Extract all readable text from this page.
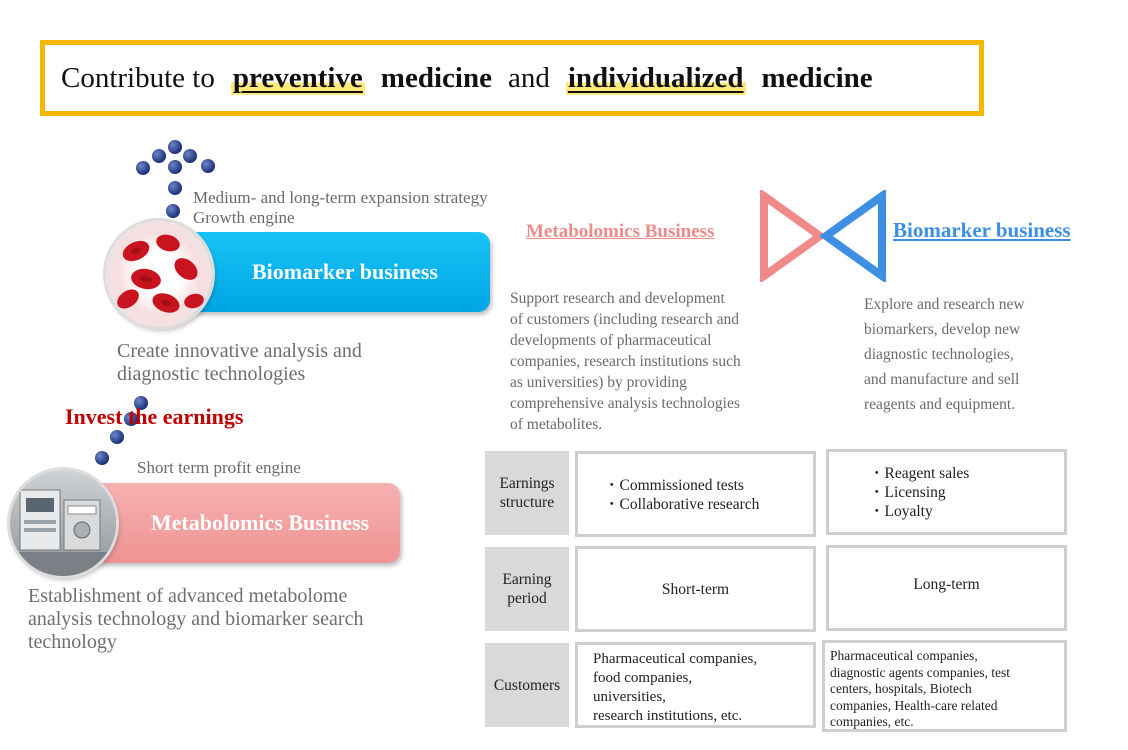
Contribute to preventive medicine and individualized medicine
Medium- and long-term expansion strategy
Growth engine
Biomarker business
Create innovative analysis and
diagnostic technologies
Invest the earnings
Short term profit engine
Metabolomics Business
Establishment of advanced metabolome
analysis technology and biomarker search
technology
Metabolomics Business	Biomarker business
Support research and development
of customers (including research and
developments of pharmaceutical
companies, research institutions such
as universities) by providing
comprehensive analysis technologies
of metabolites.
Explore and research new
biomarkers, develop new
diagnostic technologies,
and manufacture and sell
reagents and equipment.
Earnings
structure
・ Commissioned tests
・ Collaborative research
・ Reagent sales
・ Licensing
・ Loyalty
Earning
period
Short-term	Long-term
Customers
Pharmaceutical companies,
food companies,
universities,
research institutions, etc.
Pharmaceutical companies,
diagnostic agents companies, test
centers, hospitals, Biotech
companies, Health-care related
companies, etc.
